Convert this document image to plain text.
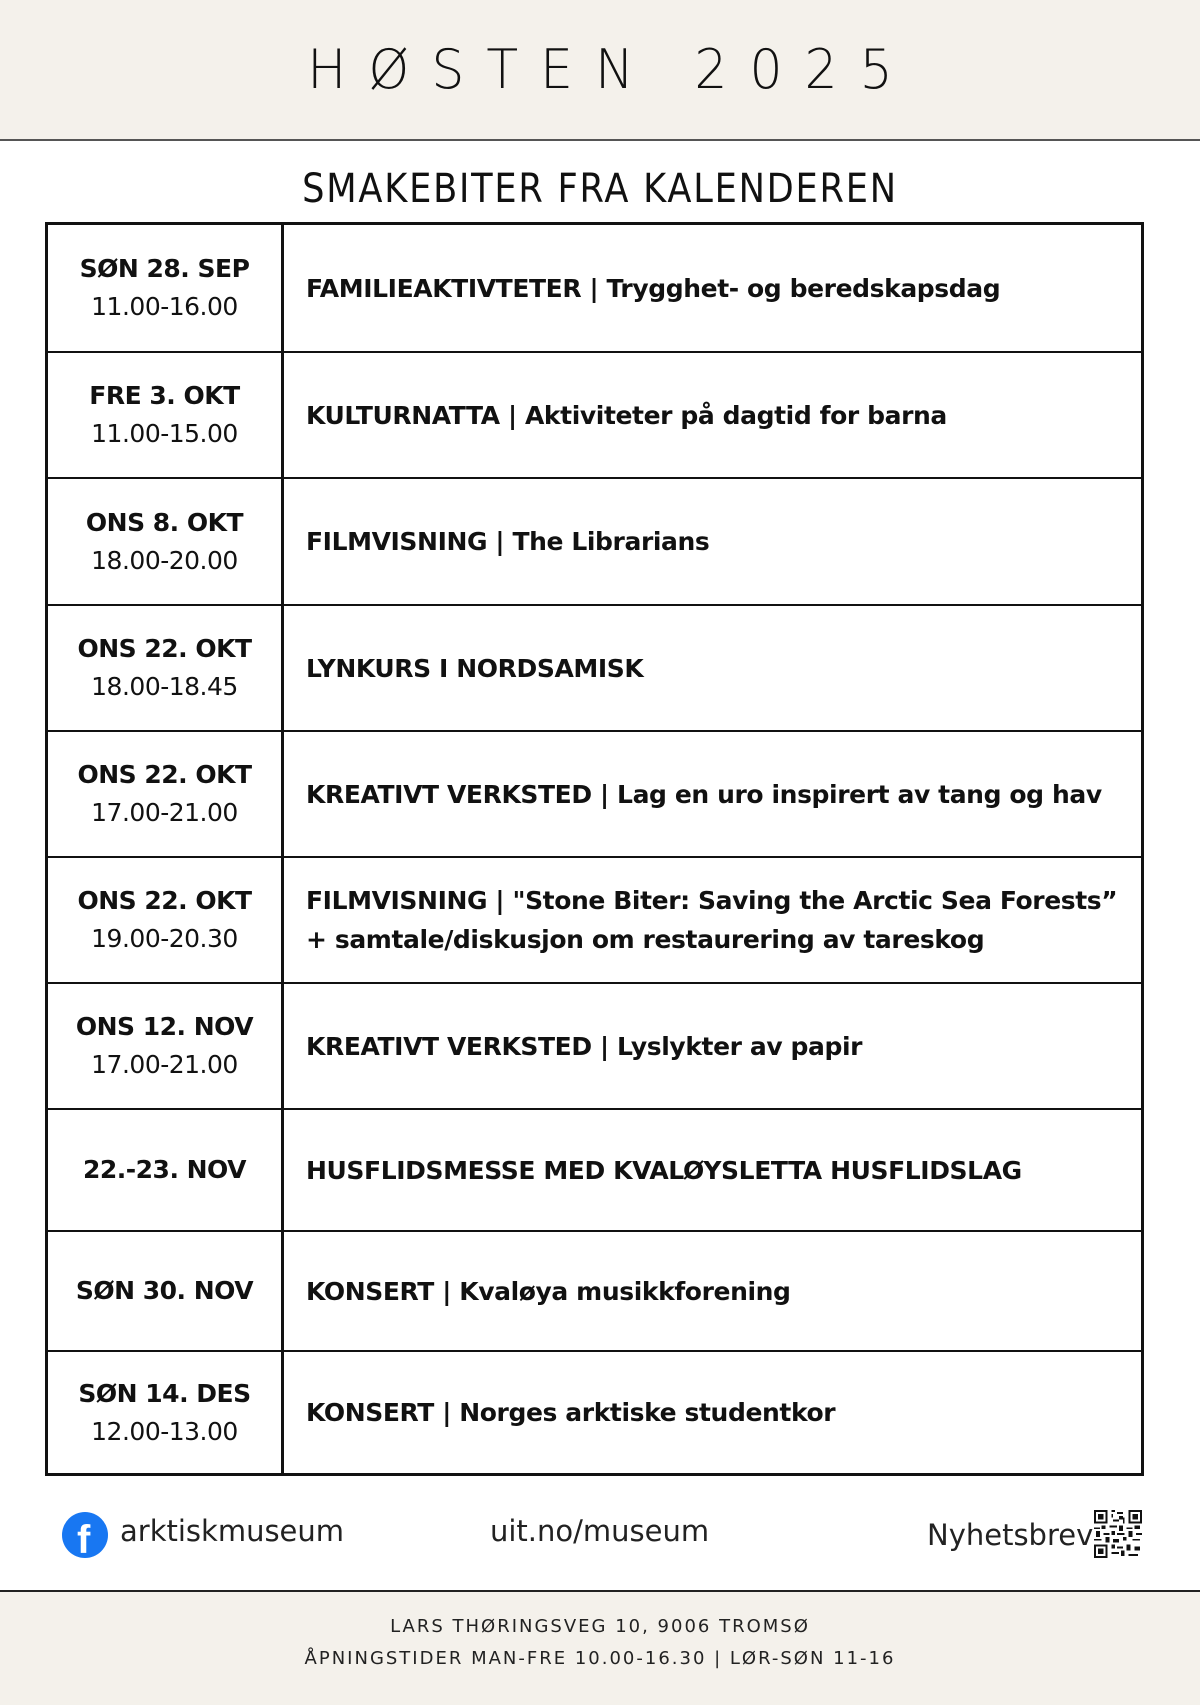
HØSTEN 2025
SMAKEBITER FRA KALENDEREN
SØN 28. SEP
11.00-16.00
FAMILIEAKTIVTETER | Trygghet- og beredskapsdag
FRE 3. OKT
11.00-15.00
KULTURNATTA | Aktiviteter på dagtid for barna
ONS 8. OKT
18.00-20.00
FILMVISNING | The Librarians
ONS 22. OKT
18.00-18.45
LYNKURS I NORDSAMISK
ONS 22. OKT
17.00-21.00
KREATIVT VERKSTED | Lag en uro inspirert av tang og hav
ONS 22. OKT
19.00-20.30
FILMVISNING | "Stone Biter: Saving the Arctic Sea Forests”
+ samtale/diskusjon om restaurering av tareskog
ONS 12. NOV
17.00-21.00
KREATIVT VERKSTED | Lyslykter av papir
22.-23. NOV HUSFLIDSMESSE MED KVALØYSLETTA HUSFLIDSLAG
SØN 30. NOV KONSERT | Kvaløya musikkforening
SØN 14. DES
12.00-13.00
KONSERT | Norges arktiske studentkor
f arktiskmuseum	uit.no/museum	Nyhetsbrev
LARS THØRINGSVEG 10, 9006 TROMSØ
ÅPNINGSTIDER MAN-FRE 10.00-16.30 | LØR-SØN 11-16
